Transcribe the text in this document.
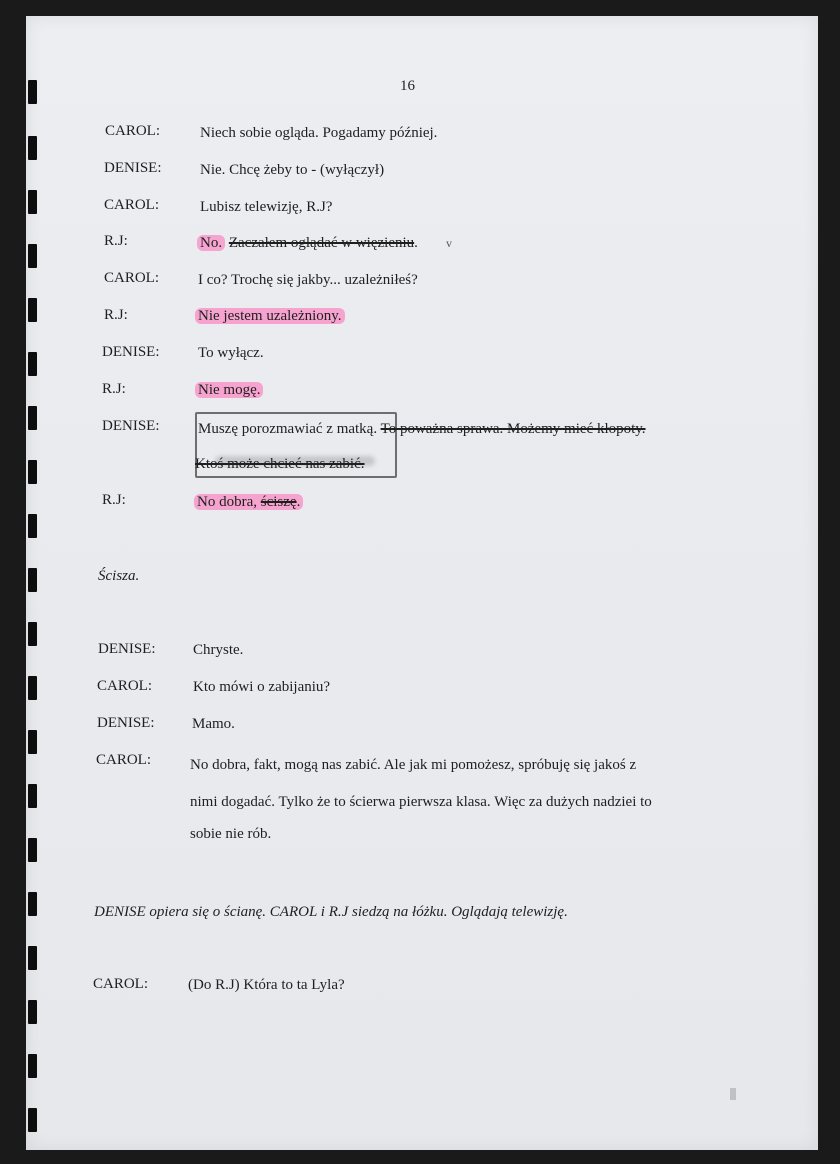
16
CAROL:	Niech sobie ogląda. Pogadamy później.
DENISE:	Nie. Chcę żeby to - (wyłączył)
CAROL:	Lubisz telewizję, R.J?
R.J:	No. Zaczałem oglądać w więzieniu. v
CAROL:	I co? Trochę się jakby... uzależniłeś?
R.J:	Nie jestem uzależniony.
DENISE:	To wyłącz.
R.J:	Nie mogę.
DENISE:	Muszę porozmawiać z matką. To poważna sprawa. Możemy mieć kłopoty.
Ktoś może chcieć nas zabić.
R.J:	No dobra, ściszę.
Ścisza.
DENISE:	Chryste.
CAROL:	Kto mówi o zabijaniu?
DENISE:	Mamo.
CAROL:	No dobra, fakt, mogą nas zabić. Ale jak mi pomożesz, spróbuję się jakoś z
nimi dogadać. Tylko że to ścierwa pierwsza klasa. Więc za dużych nadziei to
sobie nie rób.
DENISE opiera się o ścianę. CAROL i R.J siedzą na łóżku. Oglądają telewizję.
CAROL:	(Do R.J) Która to ta Lyla?
